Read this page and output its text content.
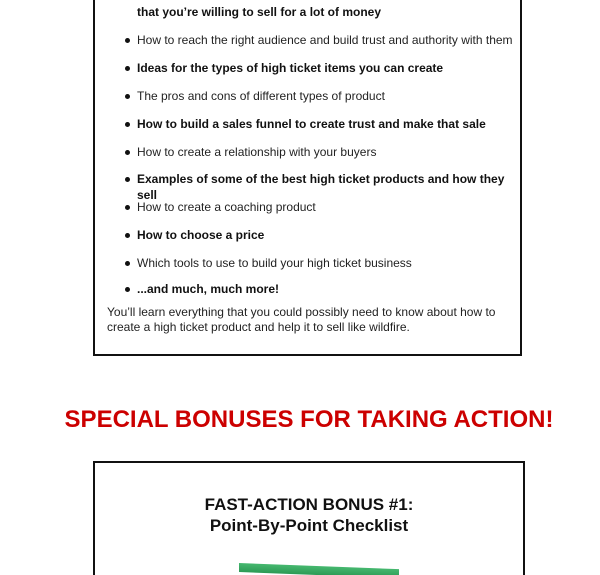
that you’re willing to sell for a lot of money
How to reach the right audience and build trust and authority with them
Ideas for the types of high ticket items you can create
The pros and cons of different types of product
How to build a sales funnel to create trust and make that sale
How to create a relationship with your buyers
Examples of some of the best high ticket products and how they sell
How to create a coaching product
How to choose a price
Which tools to use to build your high ticket business
...and much, much more!

You’ll learn everything that you could possibly need to know about how to create a high ticket product and help it to sell like wildfire.

SPECIAL BONUSES FOR TAKING ACTION!
FAST-ACTION BONUS #1:
Point-By-Point Checklist
